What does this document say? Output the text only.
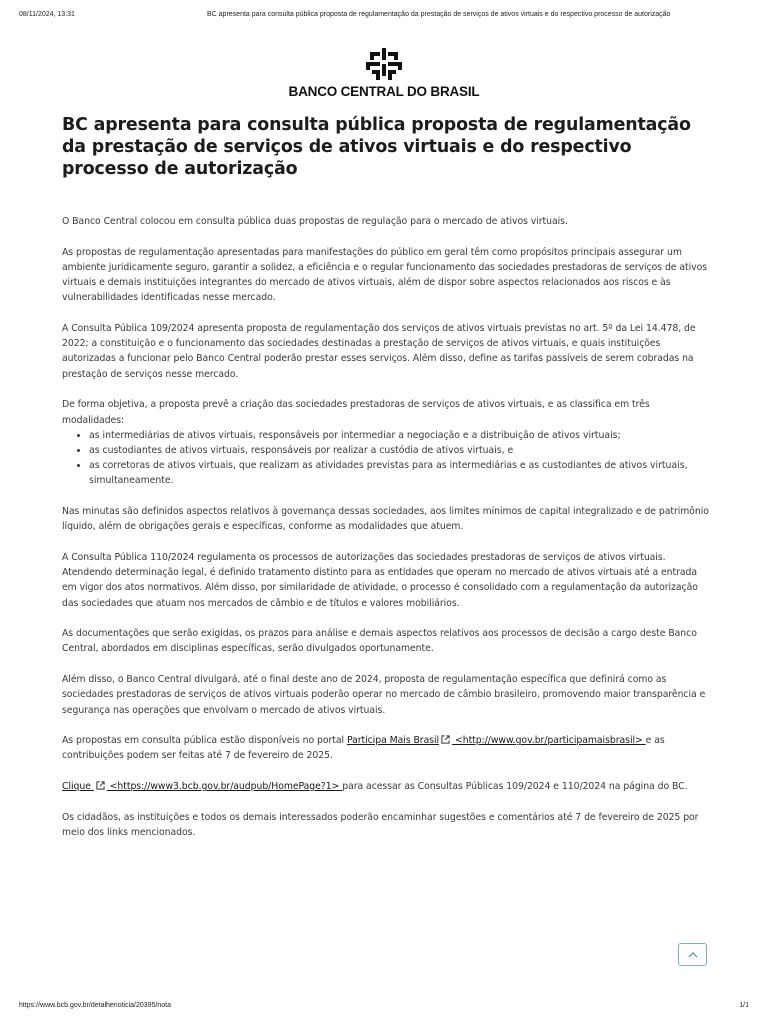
08/11/2024, 13:31	BC apresenta para consulta pública proposta de regulamentação da prestação de serviços de ativos virtuais e do respectivo processo de autorização
BANCO CENTRAL DO BRASIL
BC apresenta para consulta pública proposta de regulamentação da prestação de serviços de ativos virtuais e do respectivo processo de autorização

O Banco Central colocou em consulta pública duas propostas de regulação para o mercado de ativos virtuais.

As propostas de regulamentação apresentadas para manifestações do público em geral têm como propósitos principais assegurar um ambiente juridicamente seguro, garantir a solidez, a eficiência e o regular funcionamento das sociedades prestadoras de serviços de ativos virtuais e demais instituições integrantes do mercado de ativos virtuais, além de dispor sobre aspectos relacionados aos riscos e às vulnerabilidades identificadas nesse mercado.

A Consulta Pública 109/2024 apresenta proposta de regulamentação dos serviços de ativos virtuais previstas no art. 5º da Lei 14.478, de 2022; a constituição e o funcionamento das sociedades destinadas a prestação de serviços de ativos virtuais, e quais instituições autorizadas a funcionar pelo Banco Central poderão prestar esses serviços. Além disso, define as tarifas passíveis de serem cobradas na prestação de serviços nesse mercado.

De forma objetiva, a proposta prevê a criação das sociedades prestadoras de serviços de ativos virtuais, e as classifica em três modalidades:

• as intermediárias de ativos virtuais, responsáveis por intermediar a negociação e a distribuição de ativos virtuais;
• as custodiantes de ativos virtuais, responsáveis por realizar a custódia de ativos virtuais, e
• as corretoras de ativos virtuais, que realizam as atividades previstas para as intermediárias e as custodiantes de ativos virtuais, simultaneamente.

Nas minutas são definidos aspectos relativos à governança dessas sociedades, aos limites mínimos de capital integralizado e de patrimônio líquido, além de obrigações gerais e específicas, conforme as modalidades que atuem.

A Consulta Pública 110/2024 regulamenta os processos de autorizações das sociedades prestadoras de serviços de ativos virtuais. Atendendo determinação legal, é definido tratamento distinto para as entidades que operam no mercado de ativos virtuais até a entrada em vigor dos atos normativos. Além disso, por similaridade de atividade, o processo é consolidado com a regulamentação da autorização das sociedades que atuam nos mercados de câmbio e de títulos e valores mobiliários.

As documentações que serão exigidas, os prazos para análise e demais aspectos relativos aos processos de decisão a cargo deste Banco Central, abordados em disciplinas específicas, serão divulgados oportunamente.

Além disso, o Banco Central divulgará, até o final deste ano de 2024, proposta de regulamentação específica que definirá como as sociedades prestadoras de serviços de ativos virtuais poderão operar no mercado de câmbio brasileiro, promovendo maior transparência e segurança nas operações que envolvam o mercado de ativos virtuais.

As propostas em consulta pública estão disponíveis no portal Participa Mais Brasil <http://www.gov.br/participamaisbrasil> e as contribuições podem ser feitas até 7 de fevereiro de 2025.

Clique  <https://www3.bcb.gov.br/audpub/HomePage?1> para acessar as Consultas Públicas 109/2024 e 110/2024 na página do BC.

Os cidadãos, as instituições e todos os demais interessados poderão encaminhar sugestões e comentários até 7 de fevereiro de 2025 por meio dos links mencionados.

https://www.bcb.gov.br/detalhenoticia/20395/nota	1/1
